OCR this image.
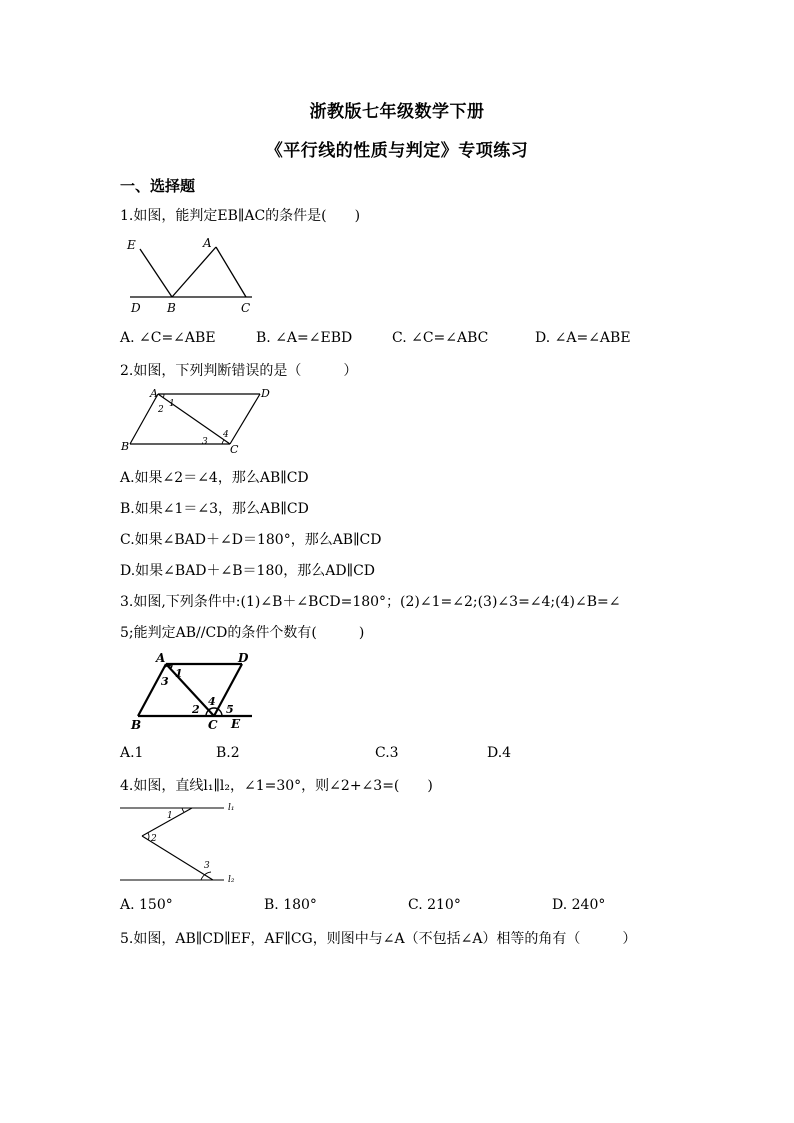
浙教版七年级数学下册
《平行线的性质与判定》专项练习
一、选择题
1.如图，能判定EB∥AC的条件是(　　)
E	A
D B	C
A. ∠C=∠ABE	B. ∠A=∠EBD	C. ∠C=∠ABC	D. ∠A=∠ABE
2.如图，下列判断错误的是（　　　）
B
A	D
C
1
2
3
4
A.如果∠2＝∠4，那么AB∥CD
B.如果∠1＝∠3，那么AB∥CD
C.如果∠BAD＋∠D＝180°，那么AB∥CD
D.如果∠BAD＋∠B＝180，那么AD∥CD
3.如图,下列条件中:(1)∠B＋∠BCD=180°；(2)∠1=∠2;(3)∠3=∠4;(4)∠B=∠
5;能判定AB//CD的条件个数有(　　　)
A	D
B	C E
1
3
2
4
5
A.1	B.2	C.3	D.4
4.如图，直线l₁∥l₂，∠1=30°，则∠2+∠3=(　　)
1
2
3
l₁
l₂
A. 150°	B. 180°	C. 210°	D. 240°
5.如图，AB∥CD∥EF，AF∥CG，则图中与∠A（不包括∠A）相等的角有（　　　）
